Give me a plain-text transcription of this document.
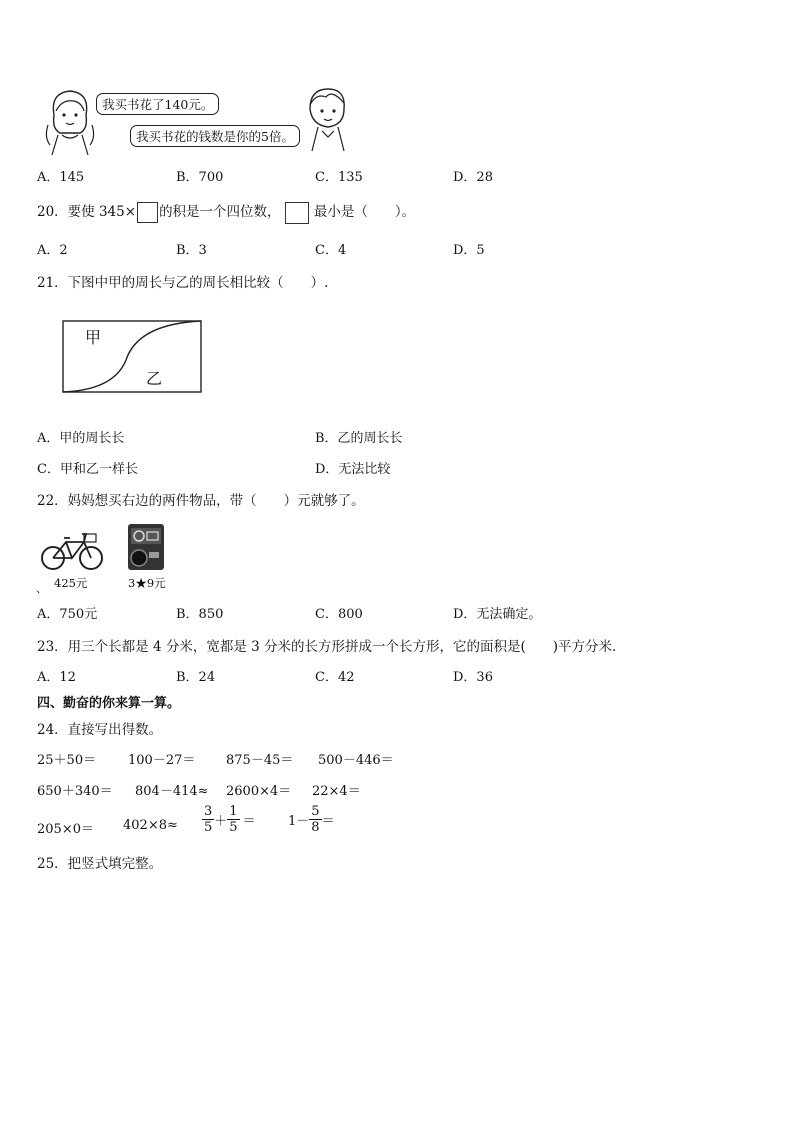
我买书花了140元。
我买书花的钱数是你的5倍。
A．145	B．700	C．135	D．28
20．要使 345× 的积是一个四位数， 最小是（　　）。
A．2	B．3	C．4	D．5
21．下图中甲的周长与乙的周长相比较（　　）.
甲
乙
A．甲的周长长	B．乙的周长长
C．甲和乙一样长	D．无法比较
22．妈妈想买右边的两件物品，带（　　）元就够了。
、 425元	3★9元
A．750元	B．850	C．800	D．无法确定。
23．用三个长都是 4 分米，宽都是 3 分米的长方形拼成一个长方形，它的面积是(　　)平方分米.
A．12	B．24	C．42	D．36
四、勤奋的你来算一算。
24．直接写出得数。
25＋50＝ 100－27＝ 875－45＝ 500－446＝
650＋340＝ 804－414≈ 2600×4＝ 22×4＝
$205\times 0= 402\times 8\approx \frac{3}{5} + \frac{1}{5} = 1- \frac{5}{8}$ ＝
25．把竖式填完整。
